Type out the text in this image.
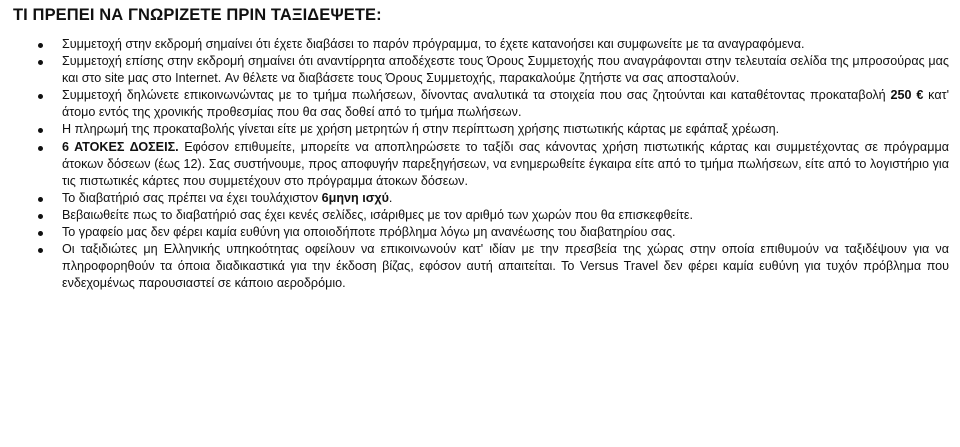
ΤΙ ΠΡΕΠΕΙ ΝΑ ΓΝΩΡΙΖΕΤΕ ΠΡΙΝ ΤΑΞΙΔΕΨΕΤΕ:
Συμμετοχή στην εκδρομή σημαίνει ότι έχετε διαβάσει το παρόν πρόγραμμα, το έχετε κατανοήσει και συμφωνείτε με τα αναγραφόμενα.
Συμμετοχή επίσης στην εκδρομή σημαίνει ότι αναντίρρητα αποδέχεστε τους Όρους Συμμετοχής που αναγράφονται στην τελευταία σελίδα της μπροσούρας μας και στο site μας στο Internet. Αν θέλετε να διαβάσετε τους Όρους Συμμετοχής, παρακαλούμε ζητήστε να σας αποσταλούν.
Συμμετοχή δηλώνετε επικοινωνώντας με το τμήμα πωλήσεων, δίνοντας αναλυτικά τα στοιχεία που σας ζητούνται και καταθέτοντας προκαταβολή 250 € κατ' άτομο εντός της χρονικής προθεσμίας που θα σας δοθεί από το τμήμα πωλήσεων.
Η πληρωμή της προκαταβολής γίνεται είτε με χρήση μετρητών ή στην περίπτωση χρήσης πιστωτικής κάρτας με εφάπαξ χρέωση.
6 ΑΤΟΚΕΣ ΔΟΣΕΙΣ. Εφόσον επιθυμείτε, μπορείτε να αποπληρώσετε το ταξίδι σας κάνοντας χρήση πιστωτικής κάρτας και συμμετέχοντας σε πρόγραμμα άτοκων δόσεων (έως 12). Σας συστήνουμε, προς αποφυγήν παρεξηγήσεων, να ενημερωθείτε έγκαιρα είτε από το τμήμα πωλήσεων, είτε από το λογιστήριο για τις πιστωτικές κάρτες που συμμετέχουν στο πρόγραμμα άτοκων δόσεων.
Το διαβατήριό σας πρέπει να έχει τουλάχιστον 6μηνη ισχύ.
Βεβαιωθείτε πως το διαβατήριό σας έχει κενές σελίδες, ισάριθμες με τον αριθμό των χωρών που θα επισκεφθείτε.
Το γραφείο μας δεν φέρει καμία ευθύνη για οποιοδήποτε πρόβλημα λόγω μη ανανέωσης του διαβατηρίου σας.
Οι ταξιδιώτες μη Ελληνικής υπηκοότητας οφείλουν να επικοινωνούν κατ' ιδίαν με την πρεσβεία της χώρας στην οποία επιθυμούν να ταξιδέψουν για να πληροφορηθούν τα όποια διαδικαστικά για την έκδοση βίζας, εφόσον αυτή απαιτείται. Το Versus Travel δεν φέρει καμία ευθύνη για τυχόν πρόβλημα που ενδεχομένως παρουσιαστεί σε κάποιο αεροδρόμιο.
